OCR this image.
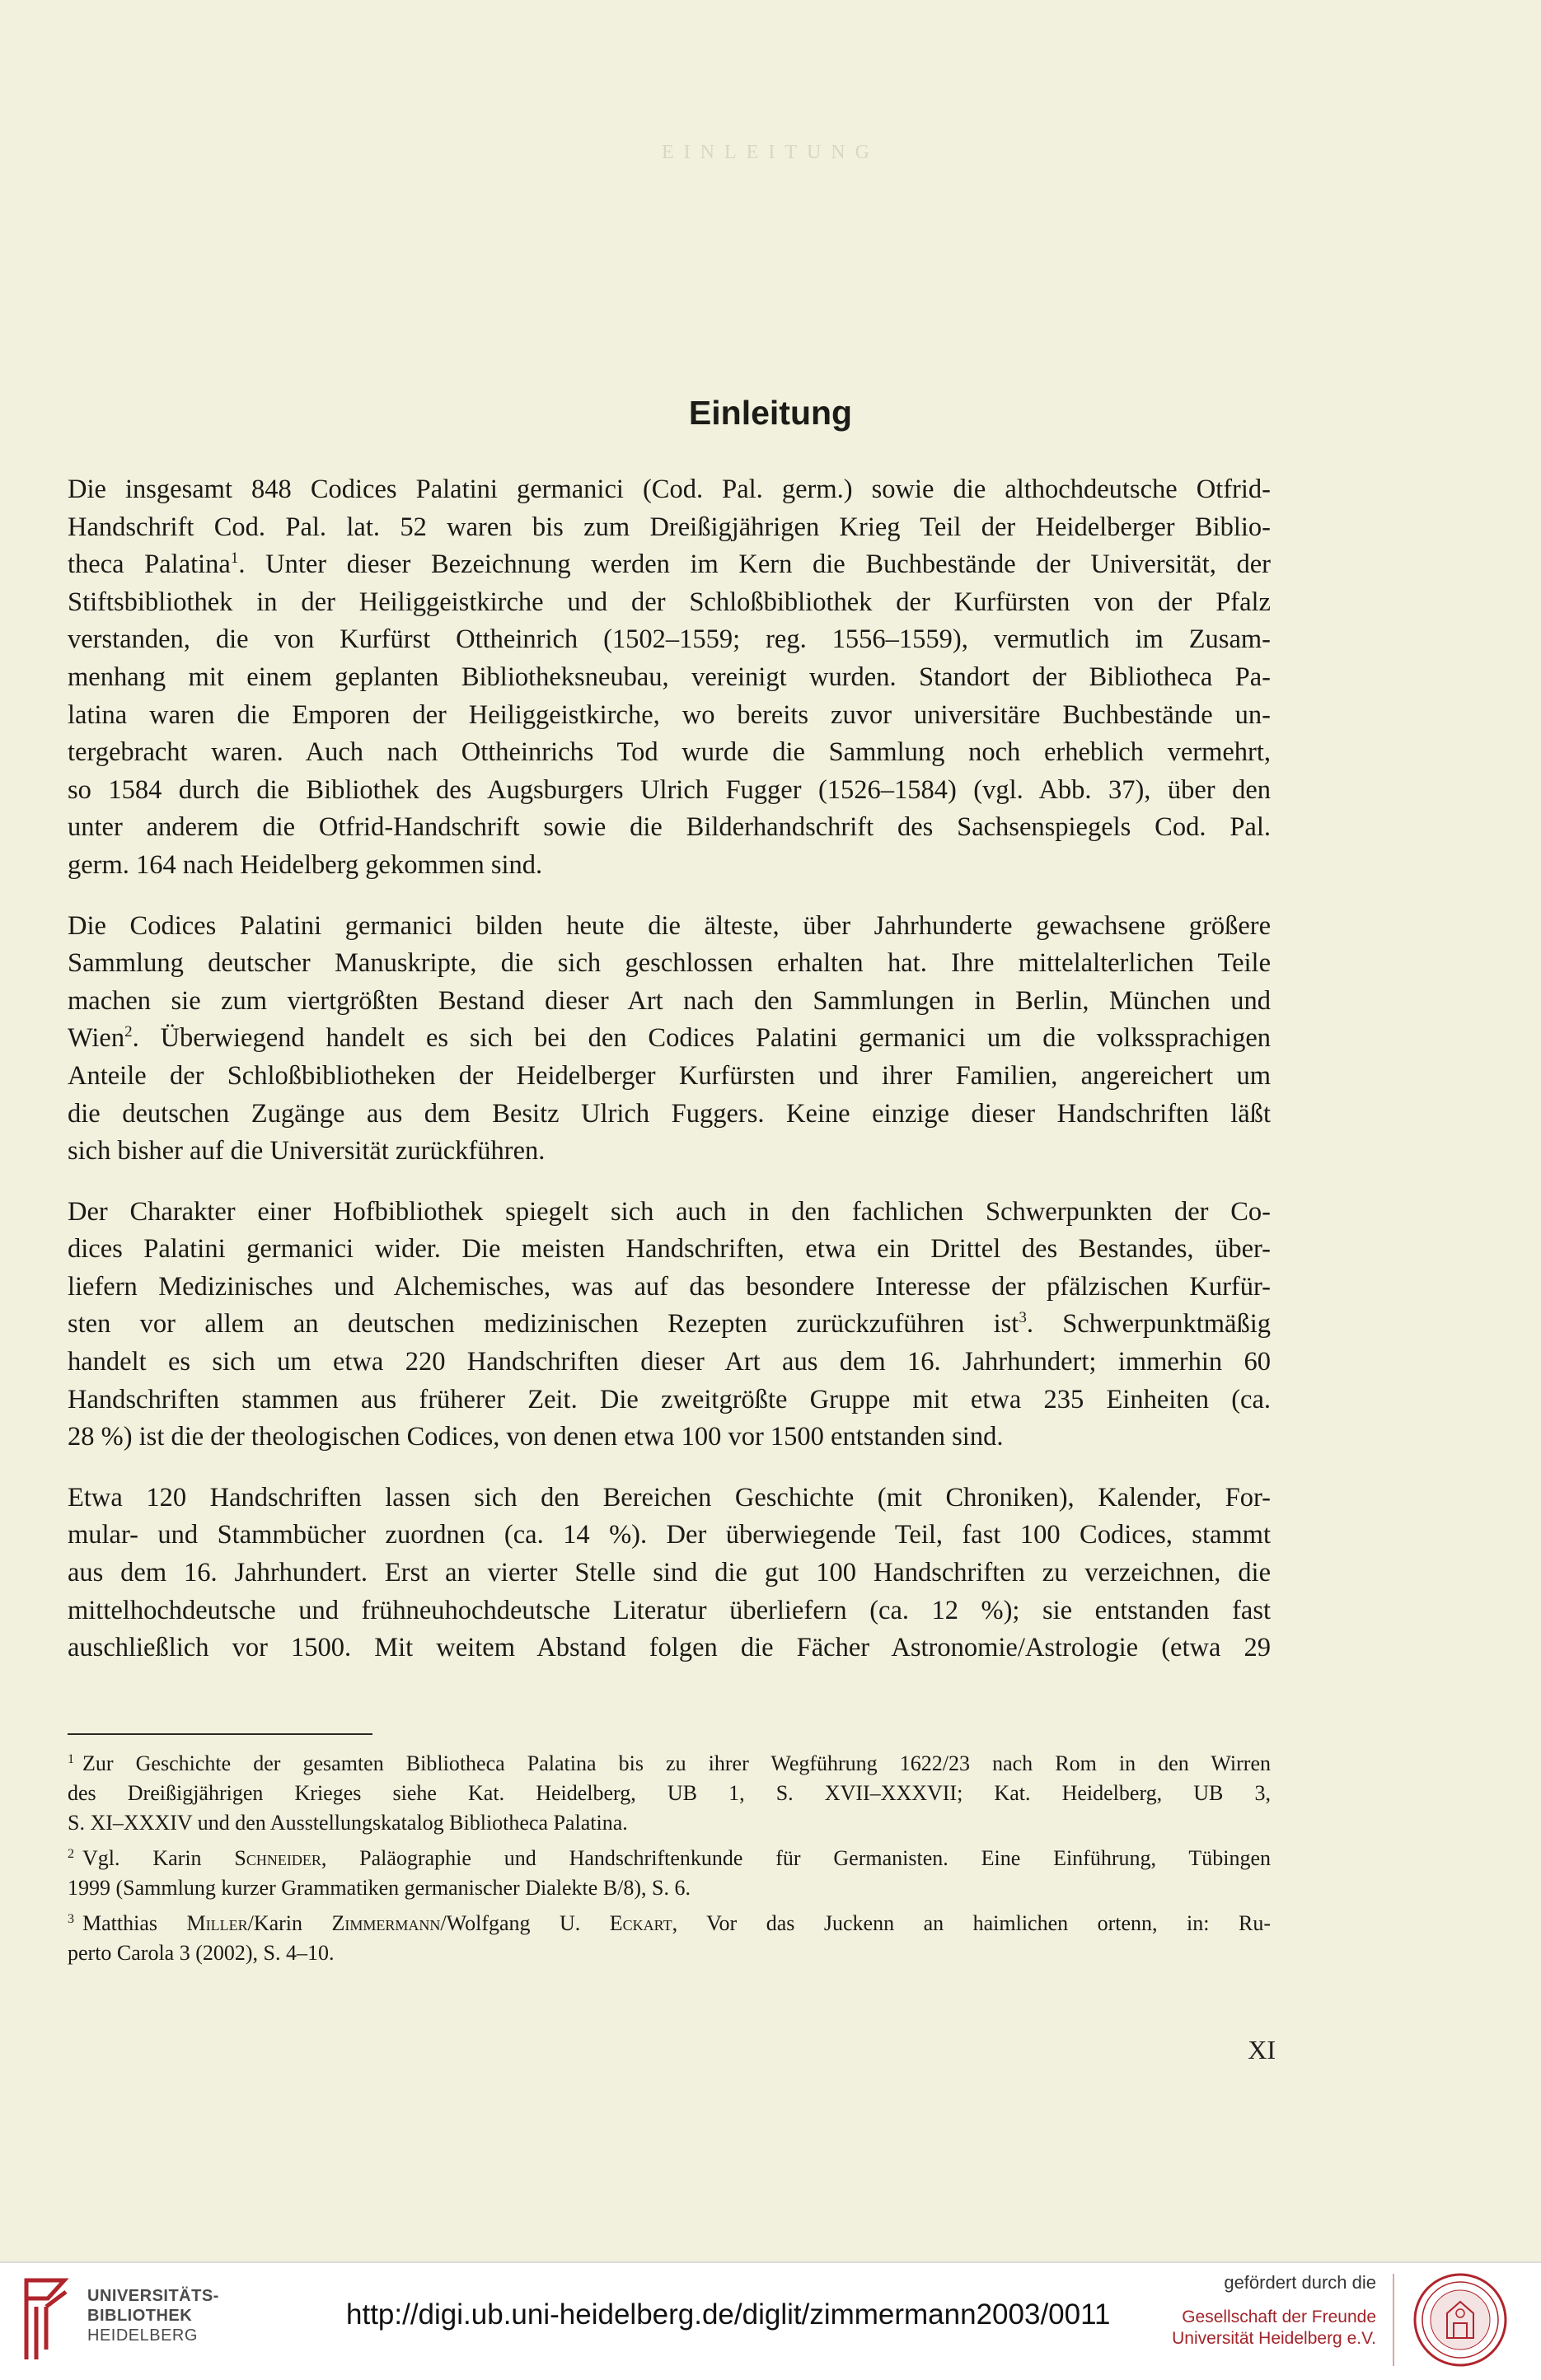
EINLEITUNG
Einleitung

Die insgesamt 848 Codices Palatini germanici (Cod. Pal. germ.) sowie die althochdeutsche Otfrid-
Handschrift Cod. Pal. lat. 52 waren bis zum Dreißigjährigen Krieg Teil der Heidelberger Biblio-
theca Palatina$^1$. Unter dieser Bezeichnung werden im Kern die Buchbestände der Universität, der
Stiftsbibliothek in der Heiliggeistkirche und der Schloßbibliothek der Kurfürsten von der Pfalz
verstanden, die von Kurfürst Ottheinrich (1502–1559; reg. 1556–1559), vermutlich im Zusam-
menhang mit einem geplanten Bibliotheksneubau, vereinigt wurden. Standort der Bibliotheca Pa-
latina waren die Emporen der Heiliggeistkirche, wo bereits zuvor universitäre Buchbestände un-
tergebracht waren. Auch nach Ottheinrichs Tod wurde die Sammlung noch erheblich vermehrt,
so 1584 durch die Bibliothek des Augsburgers Ulrich Fugger (1526–1584) (vgl. Abb. 37), über den
unter anderem die Otfrid-Handschrift sowie die Bilderhandschrift des Sachsenspiegels Cod. Pal.
germ. 164 nach Heidelberg gekommen sind.

Die Codices Palatini germanici bilden heute die älteste, über Jahrhunderte gewachsene größere
Sammlung deutscher Manuskripte, die sich geschlossen erhalten hat. Ihre mittelalterlichen Teile
machen sie zum viertgrößten Bestand dieser Art nach den Sammlungen in Berlin, München und
Wien$^2$. Überwiegend handelt es sich bei den Codices Palatini germanici um die volkssprachigen
Anteile der Schloßbibliotheken der Heidelberger Kurfürsten und ihrer Familien, angereichert um
die deutschen Zugänge aus dem Besitz Ulrich Fuggers. Keine einzige dieser Handschriften läßt
sich bisher auf die Universität zurückführen.

Der Charakter einer Hofbibliothek spiegelt sich auch in den fachlichen Schwerpunkten der Co-
dices Palatini germanici wider. Die meisten Handschriften, etwa ein Drittel des Bestandes, über-
liefern Medizinisches und Alchemisches, was auf das besondere Interesse der pfälzischen Kurfür-
sten vor allem an deutschen medizinischen Rezepten zurückzuführen ist$^3$. Schwerpunktmäßig
handelt es sich um etwa 220 Handschriften dieser Art aus dem 16. Jahrhundert; immerhin 60
Handschriften stammen aus früherer Zeit. Die zweitgrößte Gruppe mit etwa 235 Einheiten (ca.
28 %) ist die der theologischen Codices, von denen etwa 100 vor 1500 entstanden sind.

Etwa 120 Handschriften lassen sich den Bereichen Geschichte (mit Chroniken), Kalender, For-
mular- und Stammbücher zuordnen (ca. 14 %). Der überwiegende Teil, fast 100 Codices, stammt
aus dem 16. Jahrhundert. Erst an vierter Stelle sind die gut 100 Handschriften zu verzeichnen, die
mittelhochdeutsche und frühneuhochdeutsche Literatur überliefern (ca. 12 %); sie entstanden fast
auschließlich vor 1500. Mit weitem Abstand folgen die Fächer Astronomie/Astrologie (etwa 29

$^1$ Zur Geschichte der gesamten Bibliotheca Palatina bis zu ihrer Wegführung 1622/23 nach Rom in den Wirren
des Dreißigjährigen Krieges siehe Kat. Heidelberg, UB 1, S. XVII–XXXVII; Kat. Heidelberg, UB 3,
S. XI–XXXIV und den Ausstellungskatalog Bibliotheca Palatina.
$^2$ Vgl. Karin Schneider, Paläographie und Handschriftenkunde für Germanisten. Eine Einführung, Tübingen
1999 (Sammlung kurzer Grammatiken germanischer Dialekte B/8), S. 6.
$^3$ Matthias Miller/Karin Zimmermann/Wolfgang U. Eckart, Vor das Juckenn an haimlichen ortenn, in: Ru-
perto Carola 3 (2002), S. 4–10.
XI
UNIVERSITÄTS-
BIBLIOTHEK
HEIDELBERG
http://digi.ub.uni-heidelberg.de/diglit/zimmermann2003/0011
gefördert durch die
Gesellschaft der Freunde
Universität Heidelberg e.V.
